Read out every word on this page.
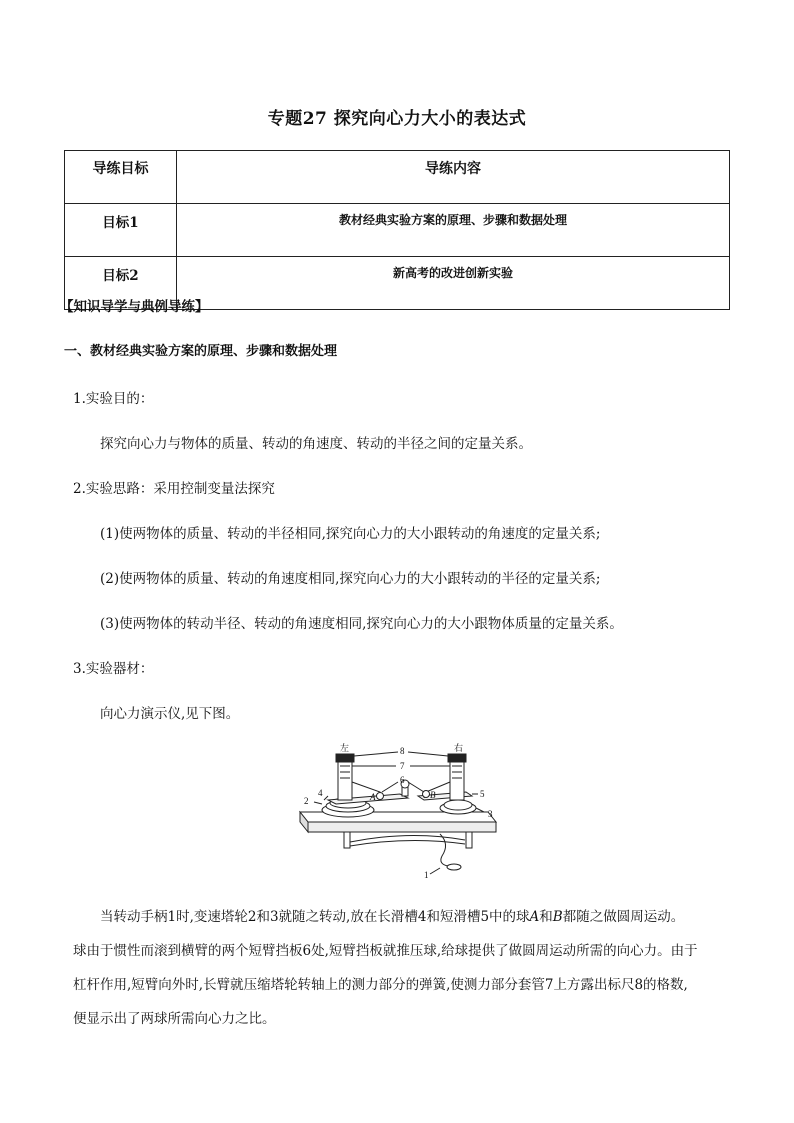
专题27 探究向心力大小的表达式
导练目标	导练内容
目标1	教材经典实验方案的原理、步骤和数据处理
目标2	新高考的改进创新实验
【知识导学与典例导练】
一、教材经典实验方案的原理、步骤和数据处理
1.实验目的：
探究向心力与物体的质量、转动的角速度、转动的半径之间的定量关系。
2.实验思路：采用控制变量法探究
(1)使两物体的质量、转动的半径相同,探究向心力的大小跟转动的角速度的定量关系;
(2)使两物体的质量、转动的角速度相同,探究向心力的大小跟转动的半径的定量关系;
(3)使两物体的转动半径、转动的角速度相同,探究向心力的大小跟物体质量的定量关系。
3.实验器材：
向心力演示仪,见下图。
左	右
8
7
6
4
2
5
3
1
A	B
当转动手柄1时,变速塔轮2和3就随之转动,放在长滑槽4和短滑槽5中的球A和B都随之做圆周运动。
球由于惯性而滚到横臂的两个短臂挡板6处,短臂挡板就推压球,给球提供了做圆周运动所需的向心力。由于
杠杆作用,短臂向外时,长臂就压缩塔轮转轴上的测力部分的弹簧,使测力部分套管7上方露出标尺8的格数,
便显示出了两球所需向心力之比。
